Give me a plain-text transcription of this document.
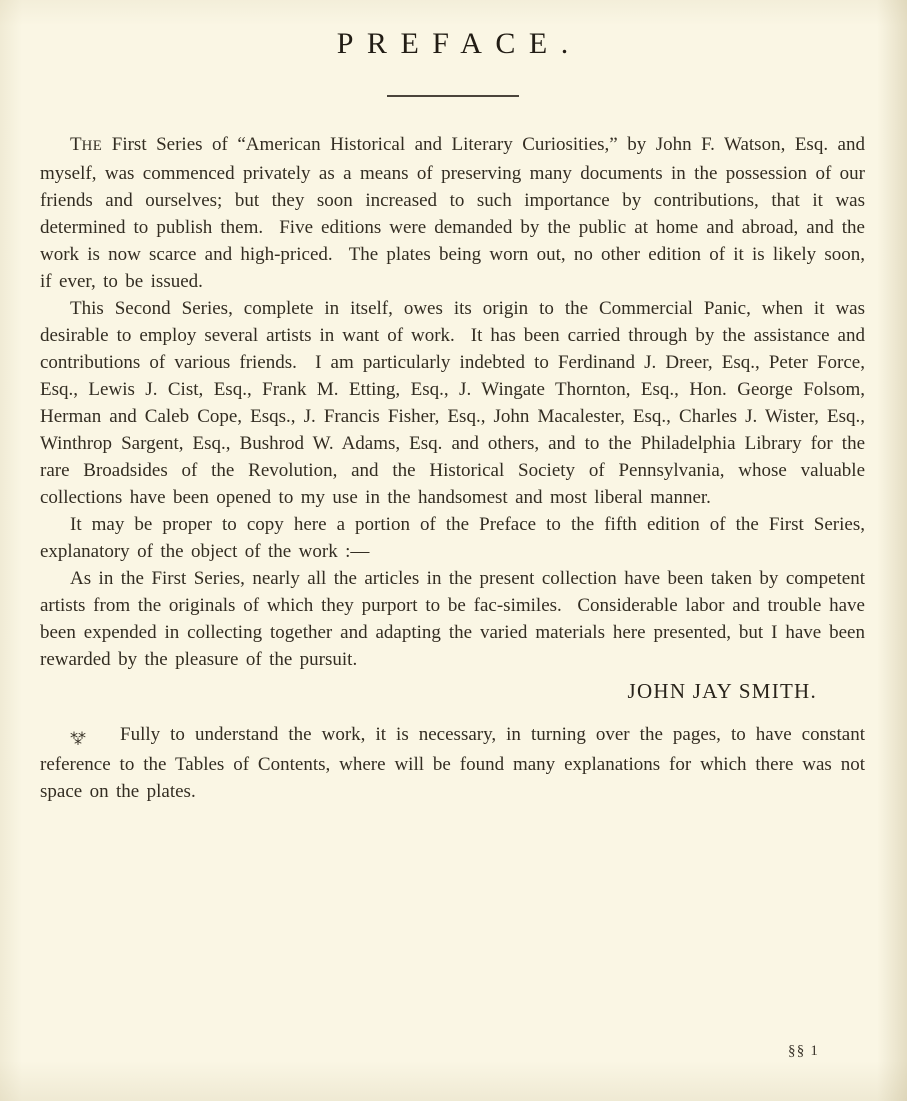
PREFACE.

THE First Series of “American Historical and Literary Curiosities,” by John F. Watson, Esq. and myself, was commenced privately as a means of preserving many documents in the possession of our friends and ourselves; but they soon increased to such importance by contributions, that it was determined to publish them.  Five editions were demanded by the public at home and abroad, and the work is now scarce and high-priced.  The plates being worn out, no other edition of it is likely soon, if ever, to be issued.

This Second Series, complete in itself, owes its origin to the Commercial Panic, when it was desirable to employ several artists in want of work.  It has been carried through by the assistance and contributions of various friends.  I am particularly indebted to Ferdinand J. Dreer, Esq., Peter Force, Esq., Lewis J. Cist, Esq., Frank M. Etting, Esq., J. Wingate Thornton, Esq., Hon. George Folsom, Herman and Caleb Cope, Esqs., J. Francis Fisher, Esq., John Macalester, Esq., Charles J. Wister, Esq., Winthrop Sargent, Esq., Bushrod W. Adams, Esq. and others, and to the Philadelphia Library for the rare Broadsides of the Revolution, and the Historical Society of Pennsylvania, whose valuable collections have been opened to my use in the handsomest and most liberal manner.

It may be proper to copy here a portion of the Preface to the fifth edition of the First Series, explanatory of the object of the work :—

As in the First Series, nearly all the articles in the present collection have been taken by competent artists from the originals of which they purport to be fac-similes.  Considerable labor and trouble have been expended in collecting together and adapting the varied materials here presented, but I have been rewarded by the pleasure of the pursuit.

JOHN JAY SMITH.

⁂ Fully to understand the work, it is necessary, in turning over the pages, to have constant reference to the Tables of Contents, where will be found many explanations for which there was not space on the plates.

§§ 1
